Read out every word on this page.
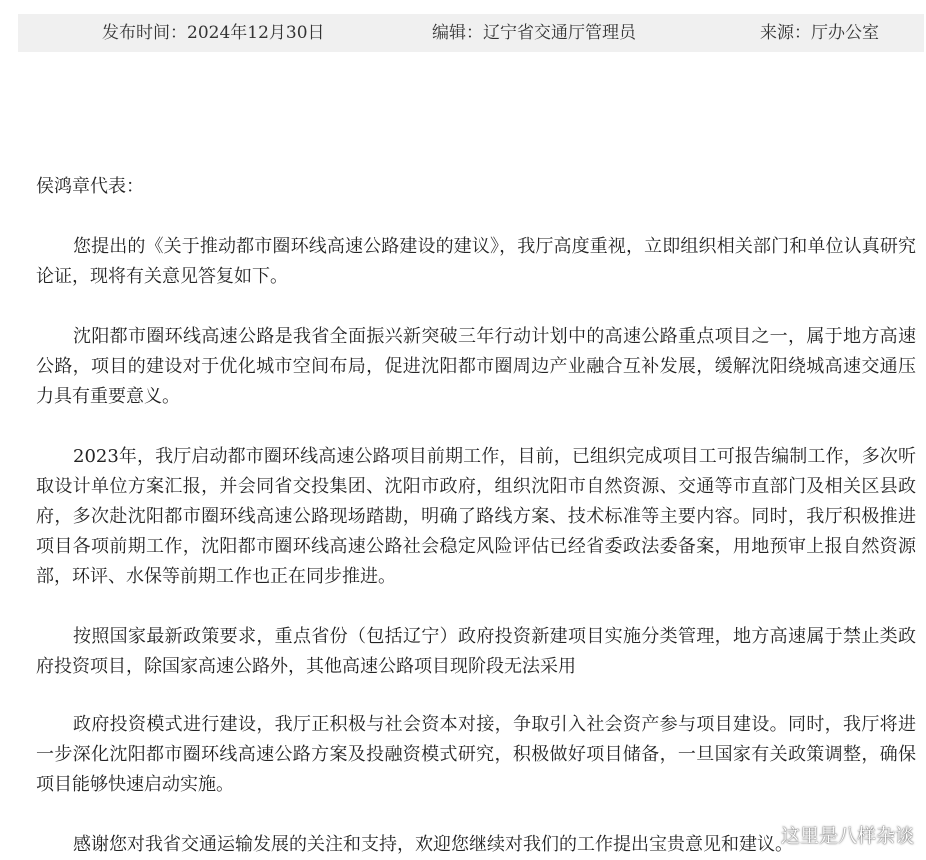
发布时间：2024年12月30日	编辑：辽宁省交通厅管理员	来源：厅办公室
侯鸿章代表：

您提出的《关于推动都市圈环线高速公路建设的建议》，我厅高度重视，立即组织相关部门和单位认真研究论证，现将有关意见答复如下。

沈阳都市圈环线高速公路是我省全面振兴新突破三年行动计划中的高速公路重点项目之一，属于地方高速公路，项目的建设对于优化城市空间布局，促进沈阳都市圈周边产业融合互补发展，缓解沈阳绕城高速交通压力具有重要意义。

2023年，我厅启动都市圈环线高速公路项目前期工作，目前，已组织完成项目工可报告编制工作，多次听取设计单位方案汇报，并会同省交投集团、沈阳市政府，组织沈阳市自然资源、交通等市直部门及相关区县政府，多次赴沈阳都市圈环线高速公路现场踏勘，明确了路线方案、技术标准等主要内容。同时，我厅积极推进项目各项前期工作，沈阳都市圈环线高速公路社会稳定风险评估已经省委政法委备案，用地预审上报自然资源部，环评、水保等前期工作也正在同步推进。

按照国家最新政策要求，重点省份（包括辽宁）政府投资新建项目实施分类管理，地方高速属于禁止类政府投资项目，除国家高速公路外，其他高速公路项目现阶段无法采用

政府投资模式进行建设，我厅正积极与社会资本对接，争取引入社会资产参与项目建设。同时，我厅将进一步深化沈阳都市圈环线高速公路方案及投融资模式研究，积极做好项目储备，一旦国家有关政策调整，确保项目能够快速启动实施。

感谢您对我省交通运输发展的关注和支持，欢迎您继续对我们的工作提出宝贵意见和建议。

这里是八样杂谈
